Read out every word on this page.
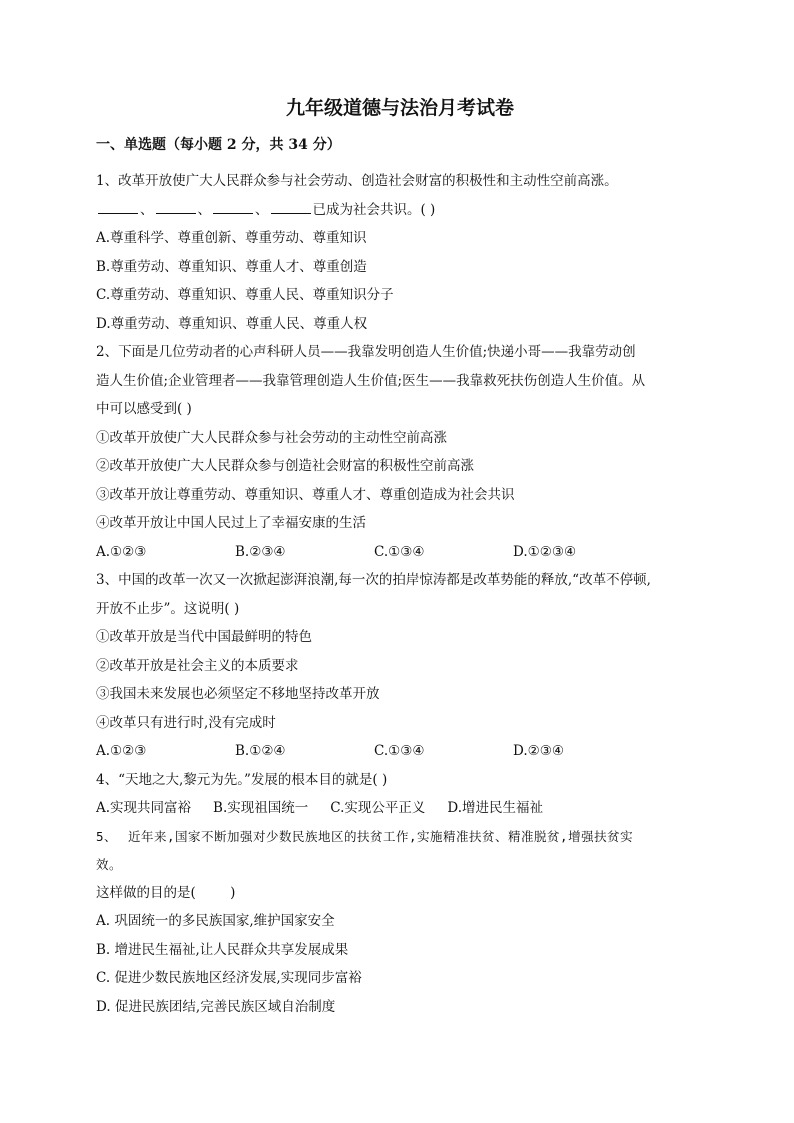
九年级道德与法治月考试卷
一、单选题（每小题 2 分，共 34 分）
1、改革开放使广大人民群众参与社会劳动、创造社会财富的积极性和主动性空前高涨。
、	、	、	已成为社会共识。( )
A.尊重科学、尊重创新、尊重劳动、尊重知识
B.尊重劳动、尊重知识、尊重人才、尊重创造
C.尊重劳动、尊重知识、尊重人民、尊重知识分子
D.尊重劳动、尊重知识、尊重人民、尊重人权
2、下面是几位劳动者的心声科研人员——我靠发明创造人生价值;快递小哥——我靠劳动创
造人生价值;企业管理者——我靠管理创造人生价值;医生——我靠救死扶伤创造人生价值。从
中可以感受到( )
①改革开放使广大人民群众参与社会劳动的主动性空前高涨
②改革开放使广大人民群众参与创造社会财富的积极性空前高涨
③改革开放让尊重劳动、尊重知识、尊重人才、尊重创造成为社会共识
④改革开放让中国人民过上了幸福安康的生活
A.①②③	B.②③④	C.①③④	D.①②③④
3、中国的改革一次又一次掀起澎湃浪潮,每一次的拍岸惊涛都是改革势能的释放,“改革不停顿,
开放不止步”。这说明( )
①改革开放是当代中国最鲜明的特色
②改革开放是社会主义的本质要求
③我国未来发展也必须坚定不移地坚持改革开放
④改革只有进行时,没有完成时
A.①②③	B.①②④	C.①③④	D.②③④
4、“天地之大,黎元为先。”发展的根本目的就是( )
A.实现共同富裕 B.实现祖国统一 C.实现公平正义 D.增进民生福祉
5、 近年来,国家不断加强对少数民族地区的扶贫工作,实施精准扶贫、精准脱贫,增强扶贫实
效。
这样做的目的是(        )
A. 巩固统一的多民族国家,维护国家安全
B. 增进民生福祉,让人民群众共享发展成果
C. 促进少数民族地区经济发展,实现同步富裕
D. 促进民族团结,完善民族区域自治制度
